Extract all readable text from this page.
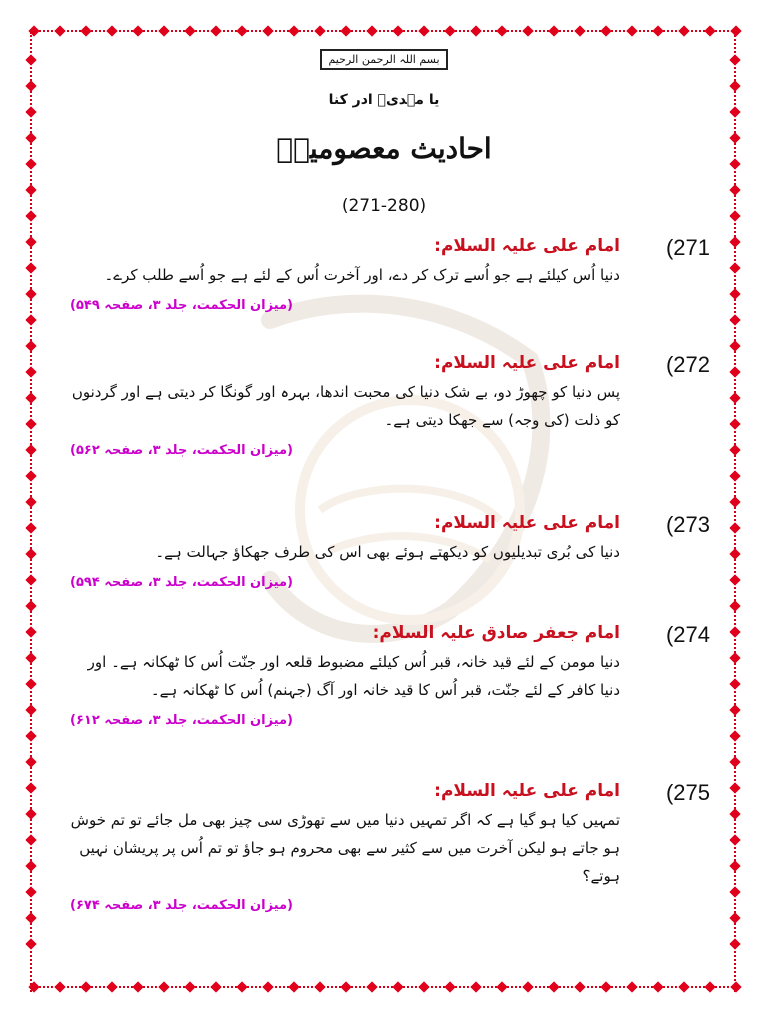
بسم اللہ الرحمن الرحیم
یا مہدیؑ ادر کنا
احادیث معصومینؑ
(271-280)
(271

امام علی علیہ السلام:

دنیا اُس کیلئے ہے جو اُسے ترک کر دے، اور آخرت اُس کے لئے ہے جو اُسے طلب کرے۔

(میزان الحکمت، جلد ۳، صفحہ ۵۴۹)
(272

امام علی علیہ السلام:

پس دنیا کو چھوڑ دو، بے شک دنیا کی محبت اندھا، بہرہ اور گونگا کر دیتی ہے اور گردنوں کو ذلت (کی وجہ) سے جھکا دیتی ہے۔

(میزان الحکمت، جلد ۳، صفحہ ۵۶۲)
(273

امام علی علیہ السلام:

دنیا کی بُری تبدیلیوں کو دیکھتے ہوئے بھی اس کی طرف جھکاؤ جہالت ہے۔

(میزان الحکمت، جلد ۳، صفحہ ۵۹۴)
(274

امام جعفر صادق علیہ السلام:

دنیا مومن کے لئے قید خانہ، قبر اُس کیلئے مضبوط قلعہ اور جنّت اُس کا ٹھکانہ ہے۔ اور دنیا کافر کے لئے جنّت، قبر اُس کا قید خانہ اور آگ (جہنم) اُس کا ٹھکانہ ہے۔

(میزان الحکمت، جلد ۳، صفحہ ۶۱۲)
(275

امام علی علیہ السلام:

تمہیں کیا ہو گیا ہے کہ اگر تمہیں دنیا میں سے تھوڑی سی چیز بھی مل جائے تو تم خوش ہو جاتے ہو لیکن آخرت میں سے کثیر سے بھی محروم ہو جاؤ تو تم اُس پر پریشان نہیں ہوتے؟

(میزان الحکمت، جلد ۳، صفحہ ۶۷۴)
